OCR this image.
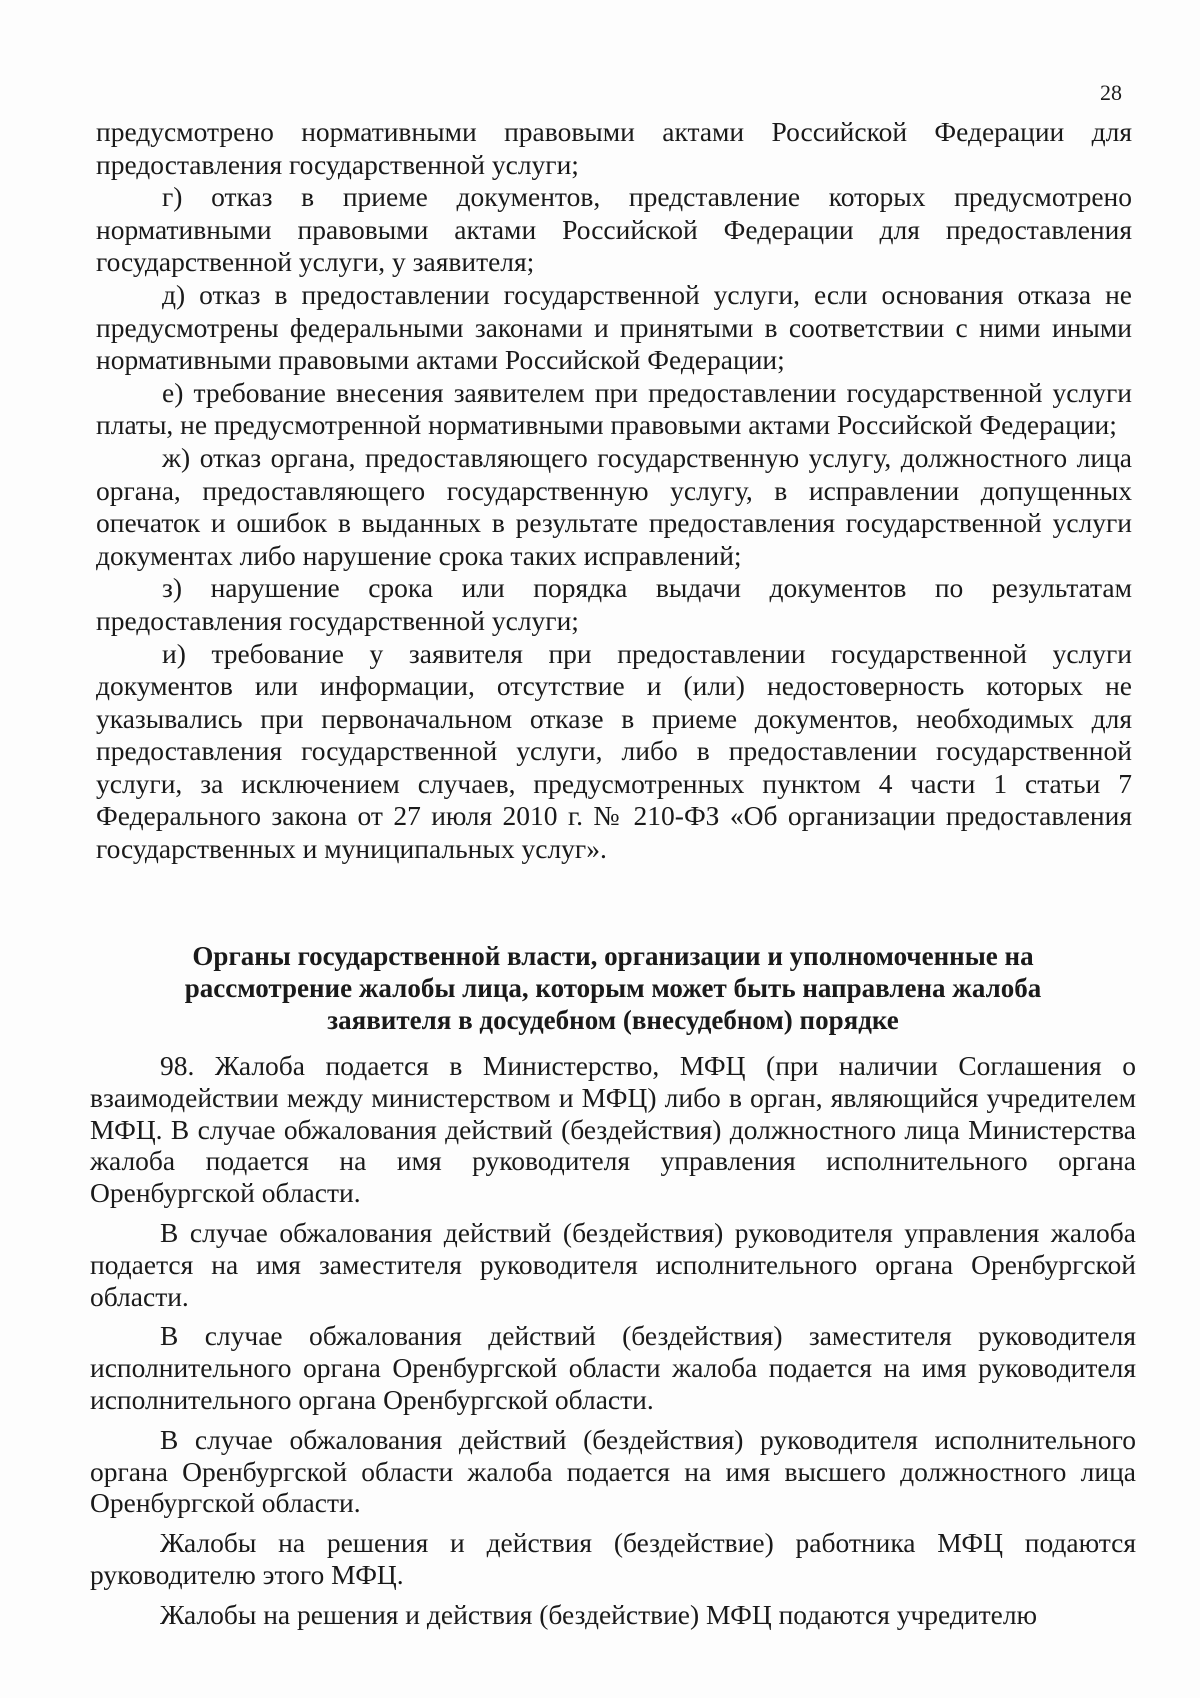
28

предусмотрено нормативными правовыми актами Российской Федерации для предоставления государственной услуги;

г) отказ в приеме документов, представление которых предусмотрено нормативными правовыми актами Российской Федерации для предоставления государственной услуги, у заявителя;

д) отказ в предоставлении государственной услуги, если основания отказа не предусмотрены федеральными законами и принятыми в соответствии с ними иными нормативными правовыми актами Российской Федерации;

е) требование внесения заявителем при предоставлении государственной услуги платы, не предусмотренной нормативными правовыми актами Российской Федерации;

ж) отказ органа, предоставляющего государственную услугу, должностного лица органа, предоставляющего государственную услугу, в исправлении допущенных опечаток и ошибок в выданных в результате предоставления государственной услуги документах либо нарушение срока таких исправлений;

з) нарушение срока или порядка выдачи документов по результатам предоставления государственной услуги;

и) требование у заявителя при предоставлении государственной услуги документов или информации, отсутствие и (или) недостоверность которых не указывались при первоначальном отказе в приеме документов, необходимых для предоставления государственной услуги, либо в предоставлении государственной услуги, за исключением случаев, предусмотренных пунктом 4 части 1 статьи 7 Федерального закона от 27 июля 2010 г. № 210-ФЗ «Об организации предоставления государственных и муниципальных услуг».

Органы государственной власти, организации и уполномоченные на рассмотрение жалобы лица, которым может быть направлена жалоба заявителя в досудебном (внесудебном) порядке

98. Жалоба подается в Министерство, МФЦ (при наличии Соглашения о взаимодействии между министерством и МФЦ) либо в орган, являющийся учредителем МФЦ. В случае обжалования действий (бездействия) должностного лица Министерства жалоба подается на имя руководителя управления исполнительного органа Оренбургской области.

В случае обжалования действий (бездействия) руководителя управления жалоба подается на имя заместителя руководителя исполнительного органа Оренбургской области.

В случае обжалования действий (бездействия) заместителя руководителя исполнительного органа Оренбургской области жалоба подается на имя руководителя исполнительного органа Оренбургской области.

В случае обжалования действий (бездействия) руководителя исполнительного органа Оренбургской области жалоба подается на имя высшего должностного лица Оренбургской области.

Жалобы на решения и действия (бездействие) работника МФЦ подаются руководителю этого МФЦ.

Жалобы на решения и действия (бездействие) МФЦ подаются учредителю
